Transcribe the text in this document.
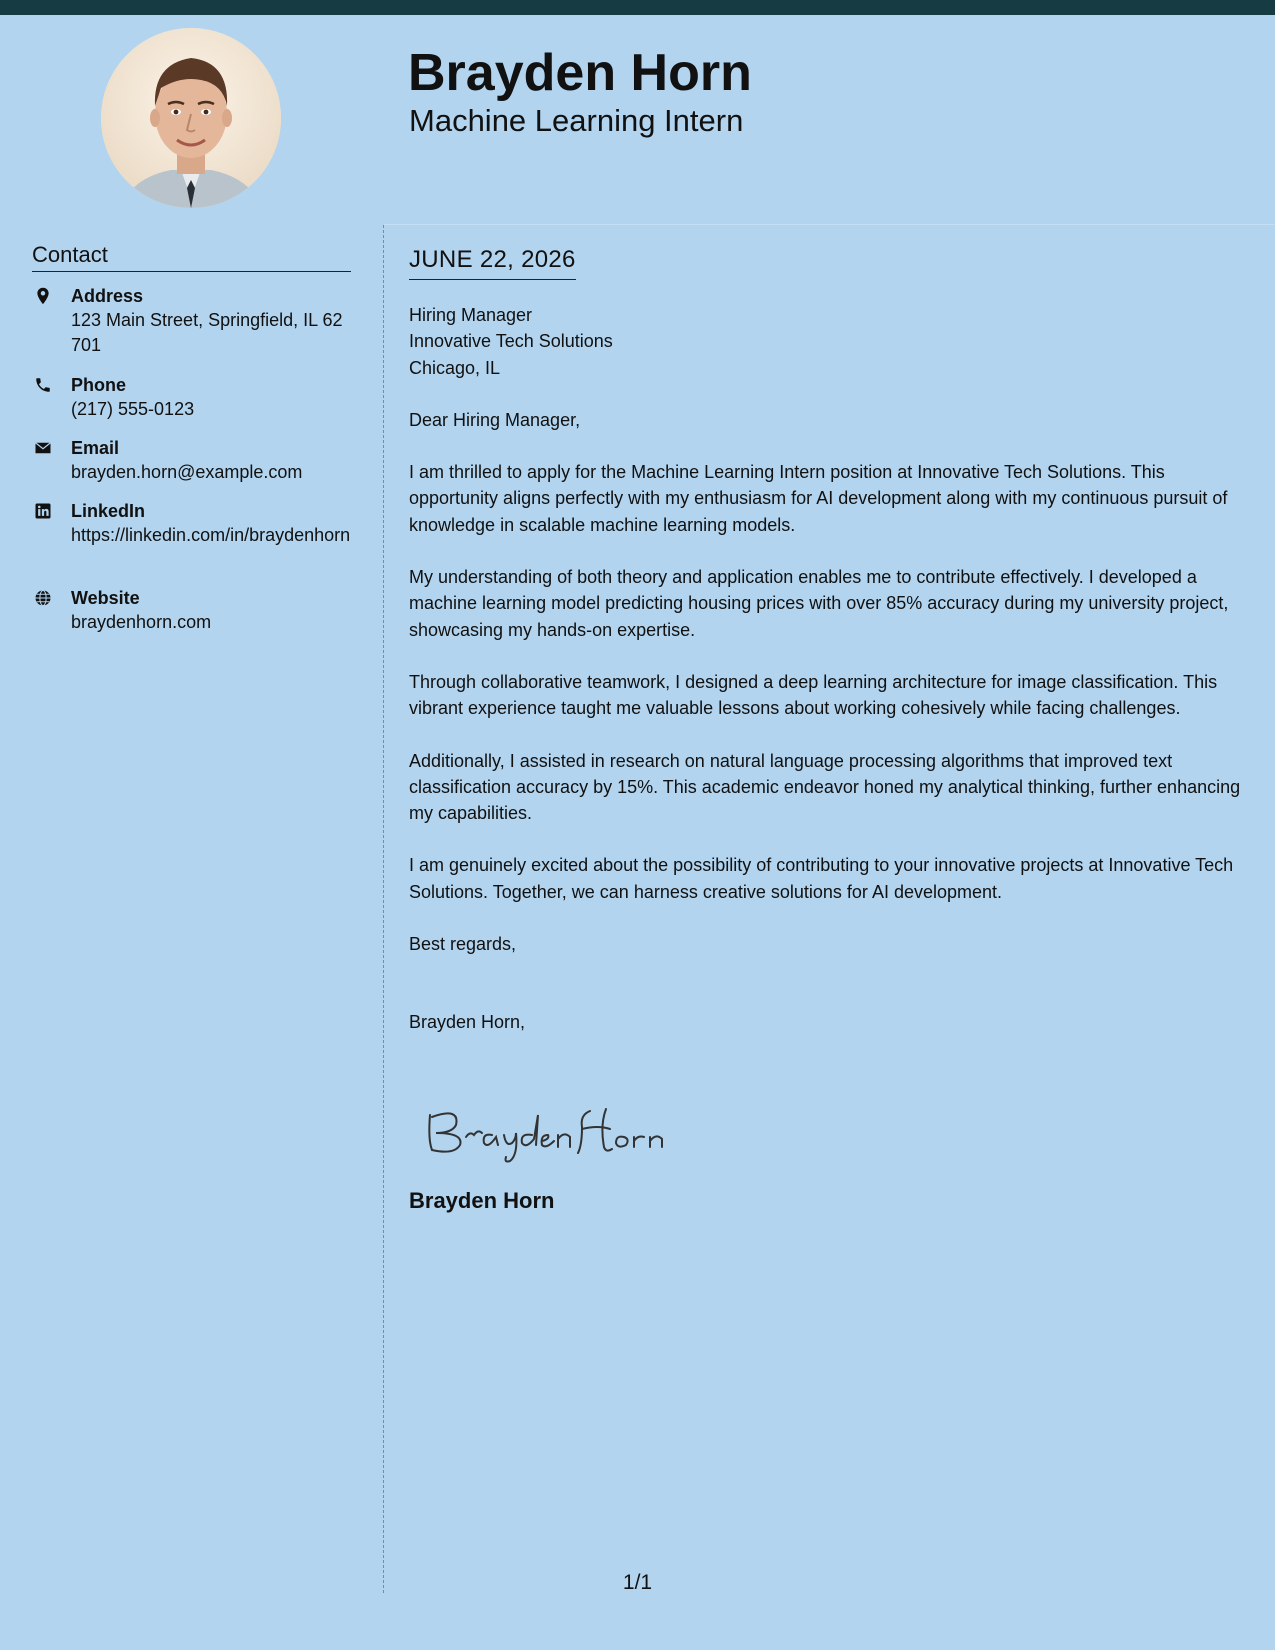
Brayden Horn
Machine Learning Intern
Contact
Address
123 Main Street, Springfield, IL 62701
Phone
(217) 555-0123
Email
brayden.horn@example.com
LinkedIn
https://linkedin.com/in/braydenhorn
Website
braydenhorn.com
JUNE 22, 2026

Hiring Manager
Innovative Tech Solutions
Chicago, IL

Dear Hiring Manager,

I am thrilled to apply for the Machine Learning Intern position at Innovative Tech Solutions. This opportunity aligns perfectly with my enthusiasm for AI development along with my continuous pursuit of knowledge in scalable machine learning models.

My understanding of both theory and application enables me to contribute effectively. I developed a machine learning model predicting housing prices with over 85% accuracy during my university project, showcasing my hands-on expertise.

Through collaborative teamwork, I designed a deep learning architecture for image classification. This vibrant experience taught me valuable lessons about working cohesively while facing challenges.

Additionally, I assisted in research on natural language processing algorithms that improved text classification accuracy by 15%. This academic endeavor honed my analytical thinking, further enhancing my capabilities.

I am genuinely excited about the possibility of contributing to your innovative projects at Innovative Tech Solutions. Together, we can harness creative solutions for AI development.

Best regards,

Brayden Horn,

Brayden Horn
1/1
